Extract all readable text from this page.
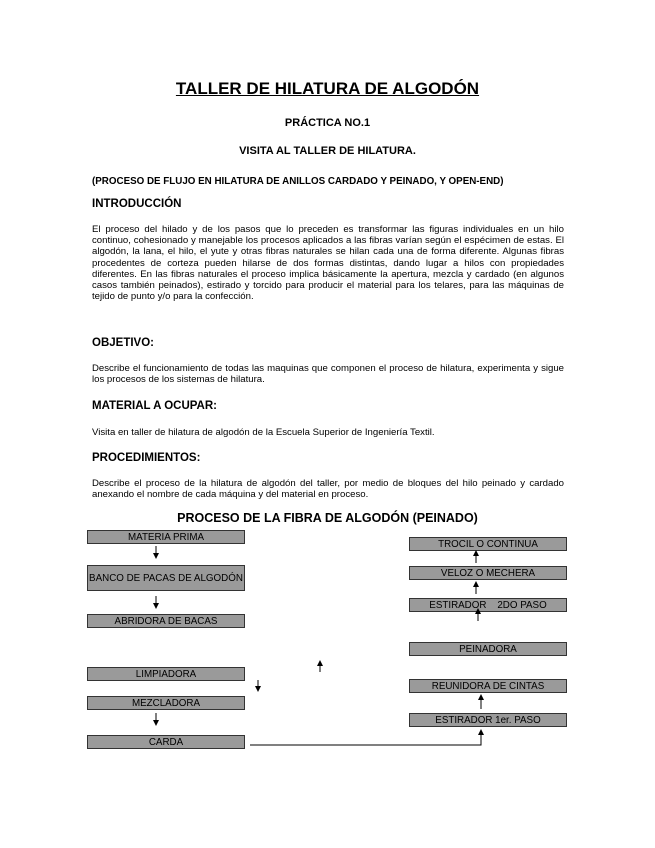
TALLER DE HILATURA DE ALGODÓN
PRÁCTICA NO.1
VISITA AL TALLER DE HILATURA.
(PROCESO DE FLUJO EN HILATURA DE ANILLOS CARDADO Y PEINADO, Y OPEN-END)
INTRODUCCIÓN
El proceso del hilado y de los pasos que lo preceden es transformar las figuras individuales en un hilo continuo, cohesionado y manejable los procesos aplicados a las fibras varían según el espécimen de estas. El algodón, la lana, el hilo, el yute y otras fibras naturales se hilan cada una de forma diferente. Algunas fibras procedentes de corteza pueden hilarse de dos formas distintas, dando lugar a hilos con propiedades diferentes. En las fibras naturales el proceso implica básicamente la apertura, mezcla y cardado (en algunos casos también peinados), estirado y torcido para producir el material para los telares, para las máquinas de tejido de punto y/o para la confección.
OBJETIVO:
Describe el funcionamiento de todas las maquinas que componen el proceso de hilatura, experimenta y sigue los procesos de los sistemas de hilatura.
MATERIAL A OCUPAR:
Visita en taller de hilatura de algodón de la Escuela Superior de Ingeniería Textil.
PROCEDIMIENTOS:
Describe el proceso de la hilatura de algodón del taller, por medio de bloques del hilo peinado y cardado anexando el nombre de cada máquina y del material en proceso.
PROCESO DE LA FIBRA DE ALGODÓN (PEINADO)
MATERIA PRIMA
BANCO DE PACAS DE ALGODÓN
ABRIDORA DE BACAS
LIMPIADORA
MEZCLADORA
CARDA
TROCIL O CONTINUA
VELOZ O MECHERA
ESTIRADOR    2DO PASO
PEINADORA
REUNIDORA DE CINTAS
ESTIRADOR 1er. PASO
